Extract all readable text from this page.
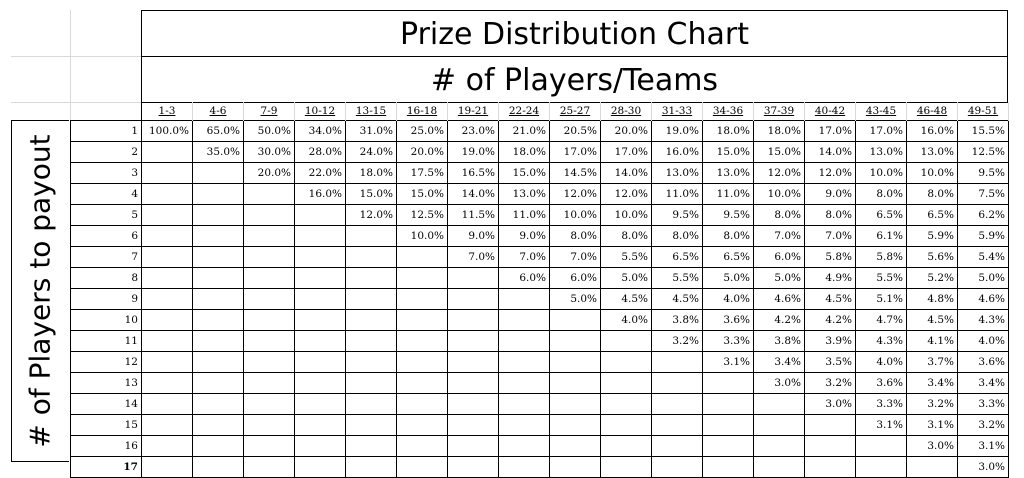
Prize Distribution Chart
# of Players/Teams
# of Players to payout
	1-3	4-6	7-9	10-12	13-15	16-18	19-21	22-24	25-27	28-30	31-33	34-36	37-39	40-42	43-45	46-48	49-51
1	100.0%	65.0%	50.0%	34.0%	31.0%	25.0%	23.0%	21.0%	20.5%	20.0%	19.0%	18.0%	18.0%	17.0%	17.0%	16.0%	15.5%
2		35.0%	30.0%	28.0%	24.0%	20.0%	19.0%	18.0%	17.0%	17.0%	16.0%	15.0%	15.0%	14.0%	13.0%	13.0%	12.5%
3			20.0%	22.0%	18.0%	17.5%	16.5%	15.0%	14.5%	14.0%	13.0%	13.0%	12.0%	12.0%	10.0%	10.0%	9.5%
4				16.0%	15.0%	15.0%	14.0%	13.0%	12.0%	12.0%	11.0%	11.0%	10.0%	9.0%	8.0%	8.0%	7.5%
5					12.0%	12.5%	11.5%	11.0%	10.0%	10.0%	9.5%	9.5%	8.0%	8.0%	6.5%	6.5%	6.2%
6						10.0%	9.0%	9.0%	8.0%	8.0%	8.0%	8.0%	7.0%	7.0%	6.1%	5.9%	5.9%
7							7.0%	7.0%	7.0%	5.5%	6.5%	6.5%	6.0%	5.8%	5.8%	5.6%	5.4%
8								6.0%	6.0%	5.0%	5.5%	5.0%	5.0%	4.9%	5.5%	5.2%	5.0%
9									5.0%	4.5%	4.5%	4.0%	4.6%	4.5%	5.1%	4.8%	4.6%
10										4.0%	3.8%	3.6%	4.2%	4.2%	4.7%	4.5%	4.3%
11											3.2%	3.3%	3.8%	3.9%	4.3%	4.1%	4.0%
12												3.1%	3.4%	3.5%	4.0%	3.7%	3.6%
13													3.0%	3.2%	3.6%	3.4%	3.4%
14														3.0%	3.3%	3.2%	3.3%
15															3.1%	3.1%	3.2%
16																3.0%	3.1%
17																	3.0%
